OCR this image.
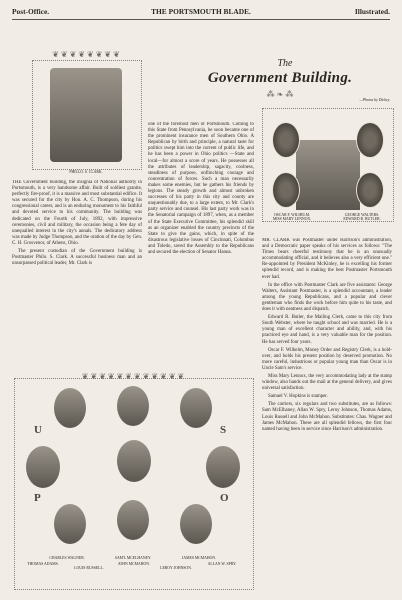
Post-Office.	THE PORTSMOUTH BLADE.	Illustrated.
❦ ❦ ❦ ❦ ❦ ❦ ❦ ❦
PHILLO. S. CLARK.
The
Government Building.
⁂ ❧ ⁂
—Photos by Dickey.
OSCAR F. WILHELM.
MISS MARY LENNOX.
GEORGE WALTERS.
EDWARD R. BUTLER.

THE Government building, the insignia of National authority in Portsmouth, is a very handsome affair. Built of soldiest granite, perfectly fire-proof, it is a massive and most substantial edifice. It was secured for the city by Hon. A. C. Thompson, during his congressional career, and is an enduring monument to his faithful and devoted service to his community. The building was dedicated on the Fourth of July, 1892, with impressive ceremonies, civil and military, the occasion being a fete day of unequalled interest in the city's annals. The dedicatory address was made by Judge Thompson, and the oration of the day by Gen. C. H. Grosvenor, of Athens, Ohio.

The present custodian of the Government building is Postmaster Philo. S. Clark. A successful business man and an unsurpassed political leader, Mr. Clark is

one of the foremost men of Portsmouth. Coming to this State from Pennsylvania, he soon became one of the prominent insurance men of Southern Ohio. A Republican by birth and principle, a natural taste for politics swept him into the current of public life, and he has been a power in Ohio politics —State and local—for almost a score of years. He possesses all the attributes of leadership, sagacity, coolness, steadiness of purpose, unflinching courage and concentration of forces. Such a man necessarily makes some enemies, but he gathers his friends by legions. The steady growth and almost unbroken successes of his party in this city and county are unquestionably due, to a large extent, to Mr. Clark's party service and counsel. His last party work was in the Senatorial campaign of 1897, when, as a member of the State Executive Committee, his splendid skill as an organizer enabled the country precincts of the State to give the gains, which, in spite of the disastrous legislative losses of Cincinnati, Columbus and Toledo, saved the Assembly to the Republicans and secured the election of Senator Hanna.

MR. CLARK was Postmaster under Harrison's administration, and a Democratic paper speaks of his services as follows: "The Times bears cheerful testimony that he is an unusually accommodating official, and it believes also a very efficient one." Re-appointed by President McKinley, he is excelling his former splendid record, and is making the best Postmaster Portsmouth ever had.

In the office with Postmaster Clark are five assistants: George Walters, Assistant Postmaster, is a splendid accountant, a leader among the young Republicans, and a popular and clever gentleman who finds the work before him quite to his taste, and does it with neatness and dispatch.

Edward R. Butler, the Mailing Clerk, came to this city from South Webster, where he taught school and was married. He is a young man of excellent character and ability, and, with his practiced eye and hand, is a very valuable man for the position. He has served four years.

Oscar F. Wilhelm, Money Order and Registry Clerk, is a hold-over, and holds his present position by deserved promotion. No more careful, industrious or popular young man than Oscar is in Uncle Sam's service.

Miss Mary Lennox, the very accommodating lady at the stamp window, also hands out the mail at the general delivery, and gives universal satisfaction.

Samuel V. Hopkins is stamper.

The carriers, six regulars and two substitutes, are as follows: Sam McElhaney, Allan W. Spry, Leroy Johnson, Thomas Adams, Louis Russell and John McMahon. Substitutes: Chas. Wagner and James McMahon. These are all splendid fellows, the first four named having been in service since Harrison's administration.

❦ ❦ ❦ ❦ ❦ ❦ ❦ ❦ ❦ ❦ ❦ ❦
U	S
P	O
CHARLES WAGNER.	SAM'L MCELHANEY.	JAMES MCMAHON.
THOMAS ADAMS.
LOUIS RUSSELL.
JOHN MCMAHON.
LEROY JOHNSON.
ALLAN W. SPRY.
